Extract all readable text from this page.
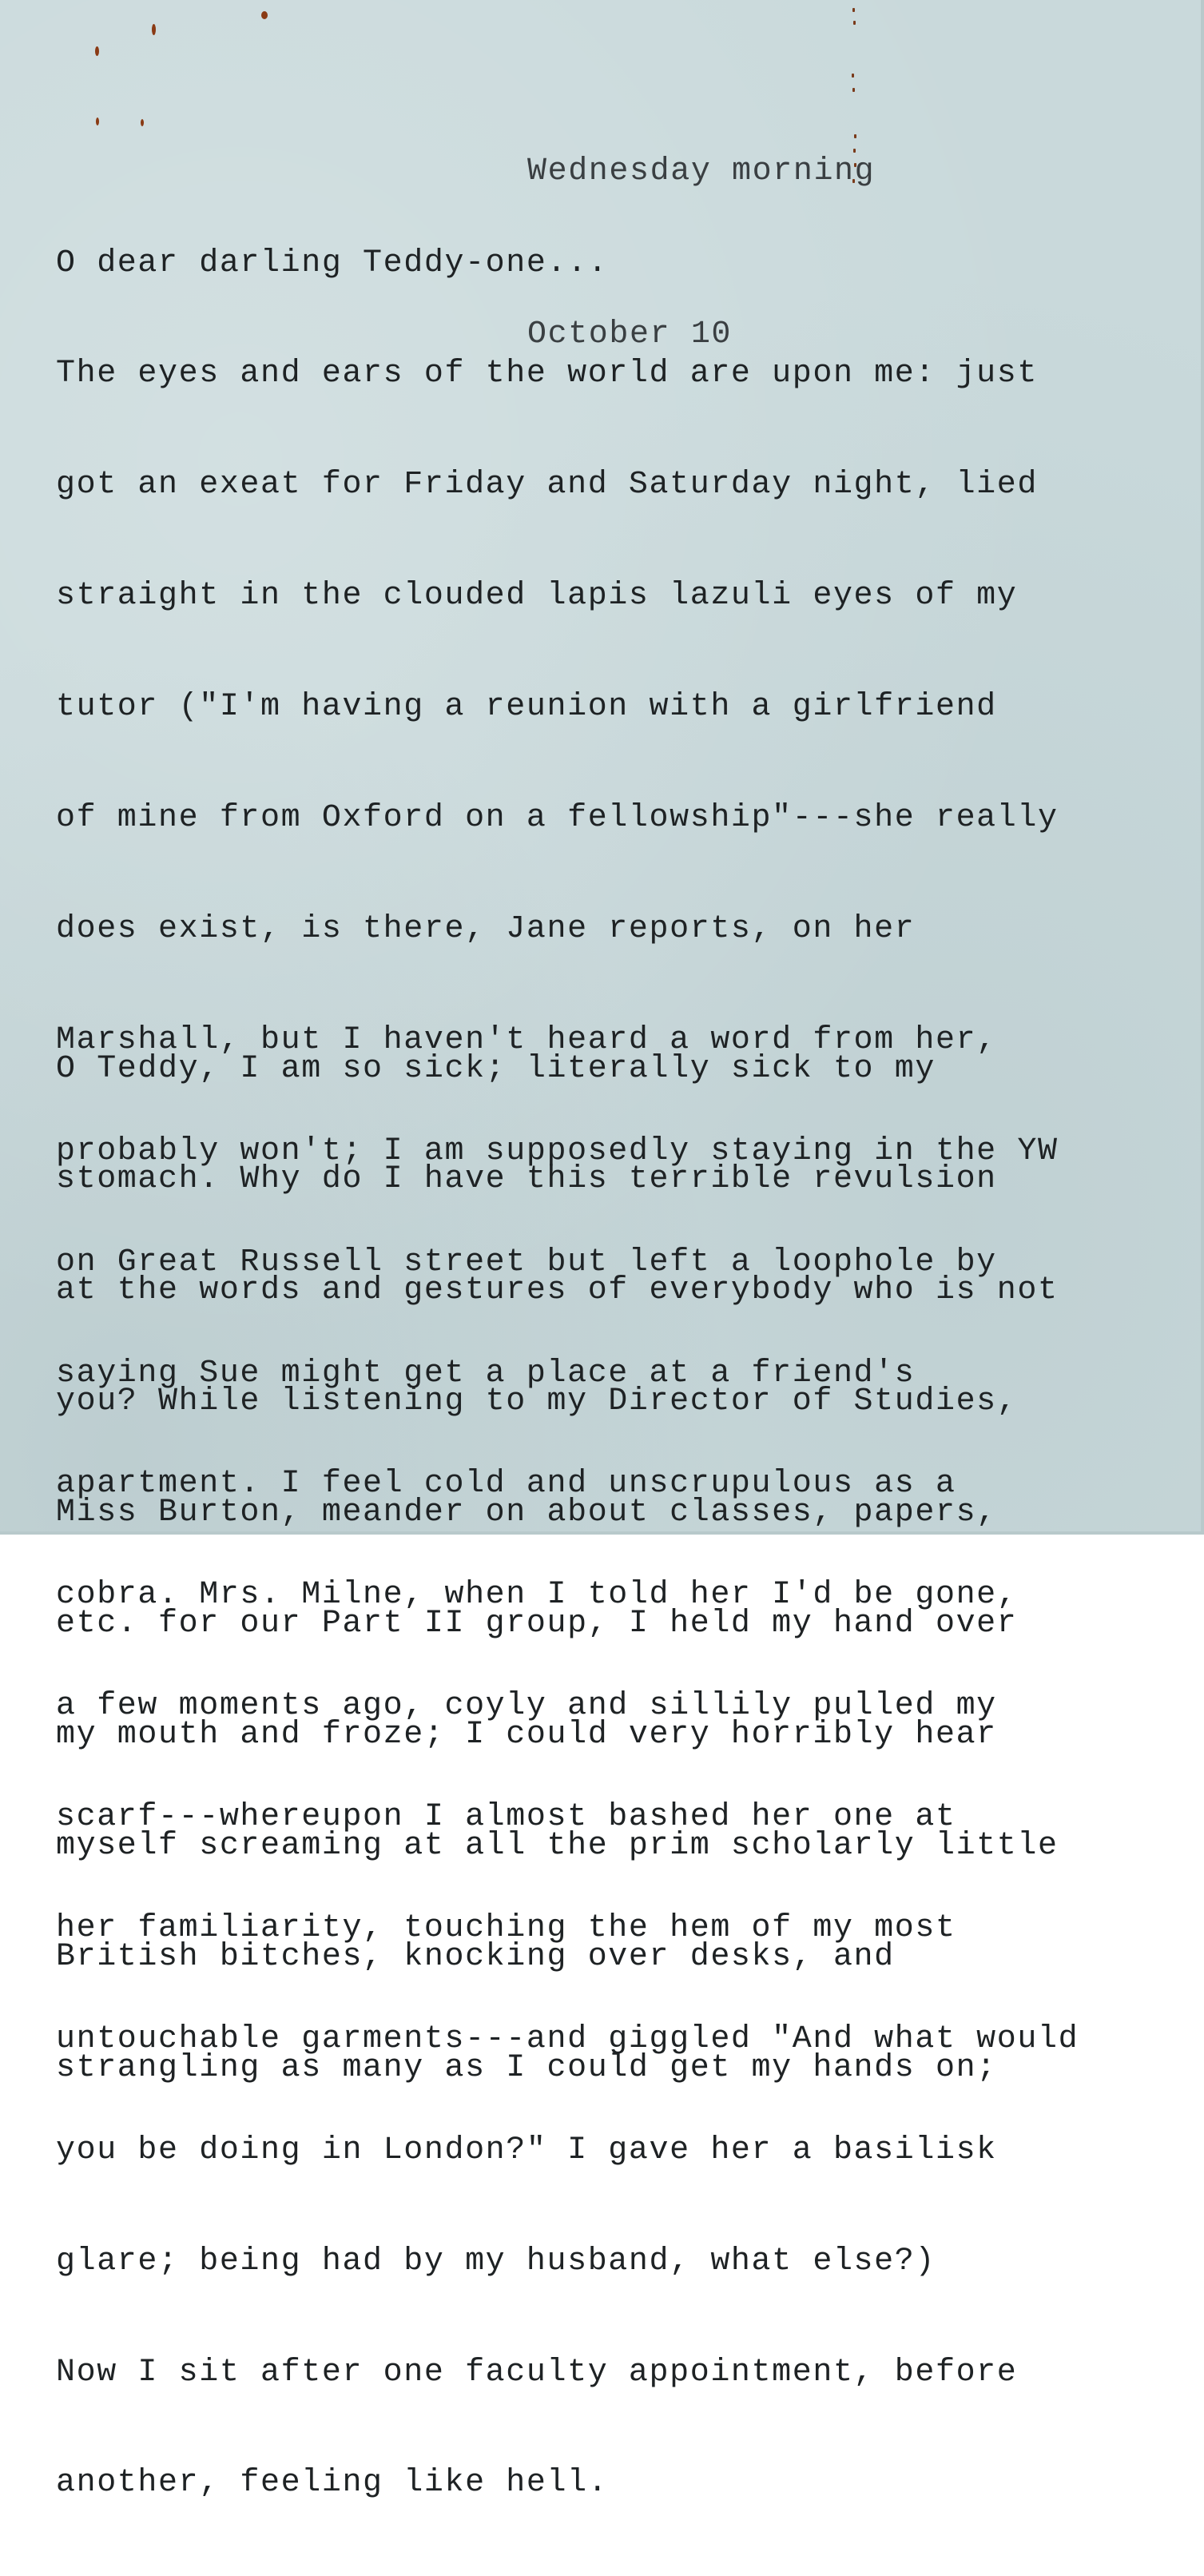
Wednesday morning

October 10

O dear darling Teddy-one...

The eyes and ears of the world are upon me: just

got an exeat for Friday and Saturday night, lied

straight in the clouded lapis lazuli eyes of my

tutor ("I'm having a reunion with a girlfriend

of mine from Oxford on a fellowship"---she really

does exist, is there, Jane reports, on her

Marshall, but I haven't heard a word from her,

probably won't; I am supposedly staying in the YW

on Great Russell street but left a loophole by

saying Sue might get a place at a friend's

apartment. I feel cold and unscrupulous as a

cobra. Mrs. Milne, when I told her I'd be gone,

a few moments ago, coyly and sillily pulled my

scarf---whereupon I almost bashed her one at

her familiarity, touching the hem of my most

untouchable garments---and giggled "And what would

you be doing in London?" I gave her a basilisk

glare; being had by my husband, what else?)

Now I sit after one faculty appointment, before

another, feeling like hell.

O Teddy, I am so sick; literally sick to my

stomach. Why do I have this terrible revulsion

at the words and gestures of everybody who is not

you? While listening to my Director of Studies,

Miss Burton, meander on about classes, papers,

etc. for our Part II group, I held my hand over

my mouth and froze; I could very horribly hear

myself screaming at all the prim scholarly little

British bitches, knocking over desks, and

strangling as many as I could get my hands on;
